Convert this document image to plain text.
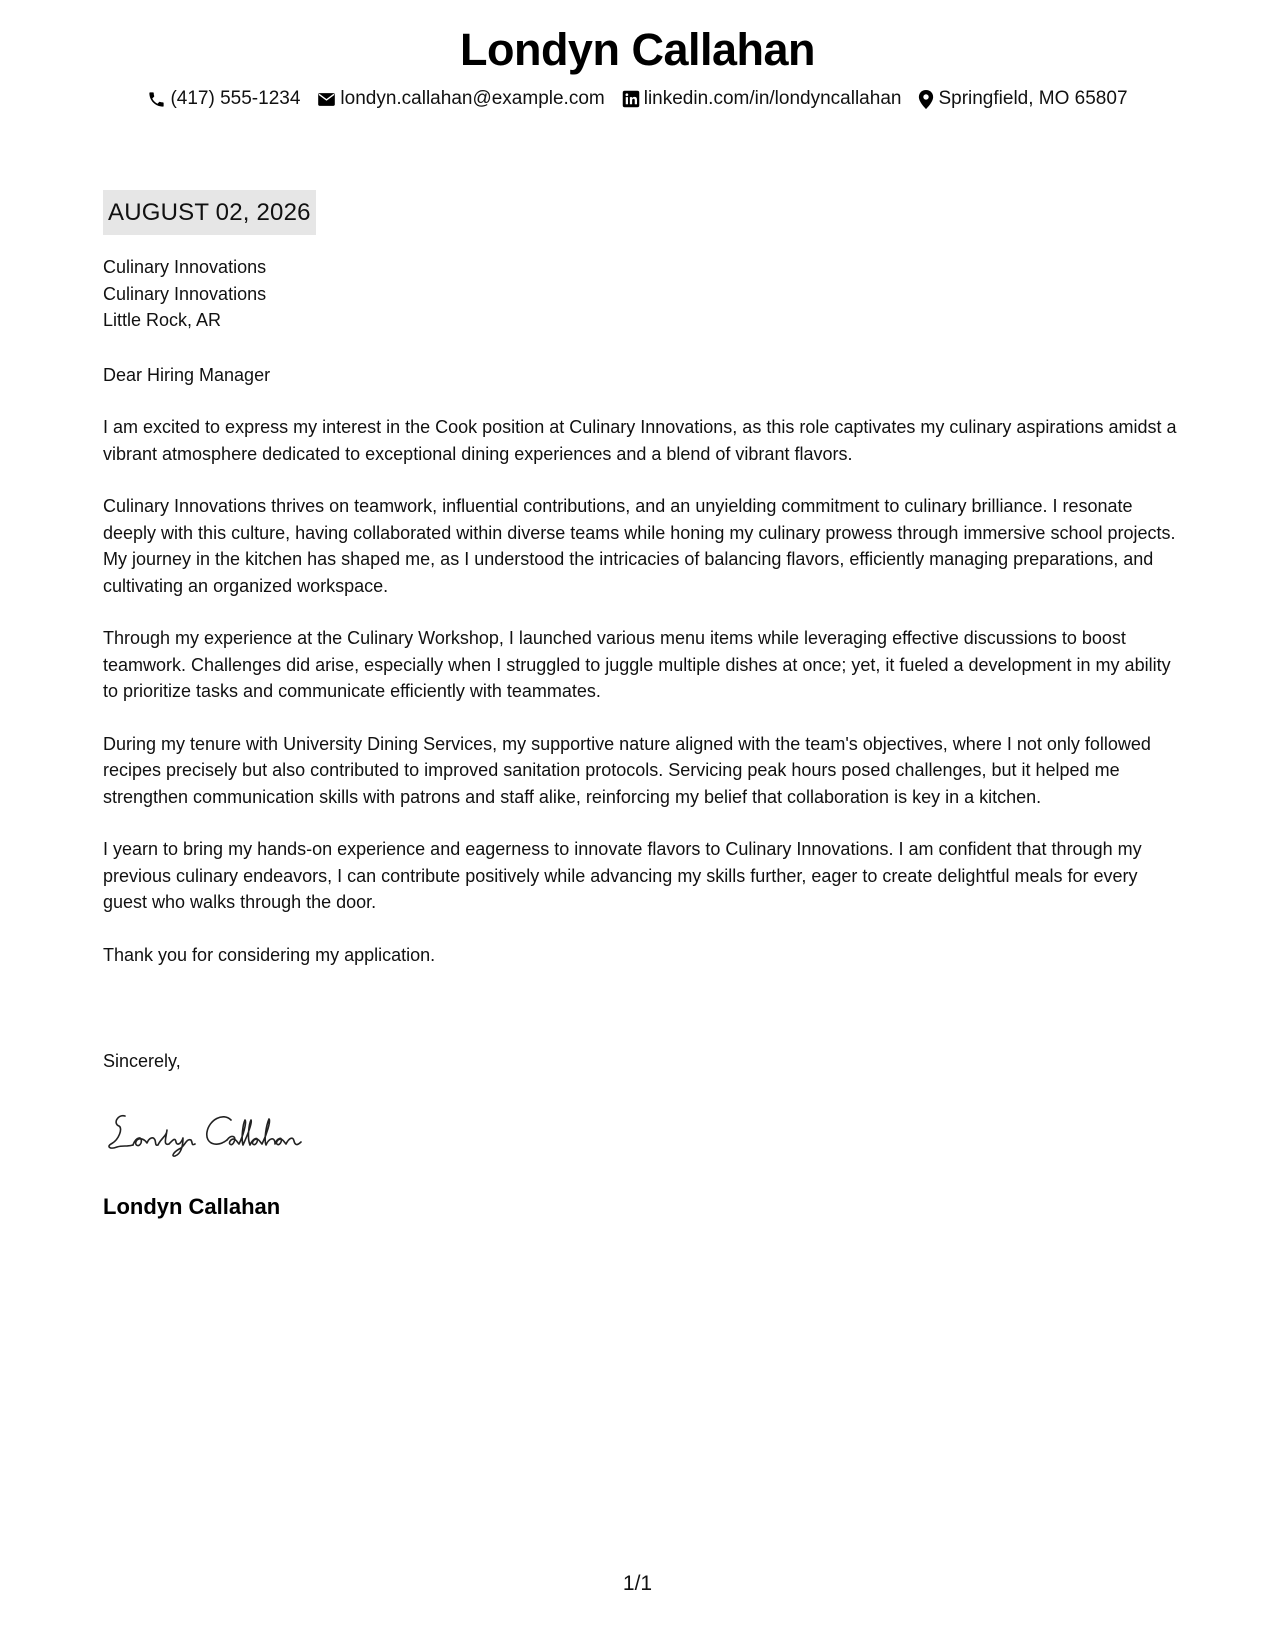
Londyn Callahan
(417) 555-1234 londyn.callahan@example.com linkedin.com/in/londyncallahan Springfield, MO 65807
AUGUST 02, 2026
Culinary Innovations
Culinary Innovations
Little Rock, AR
Dear Hiring Manager

I am excited to express my interest in the Cook position at Culinary Innovations, as this role captivates my culinary aspirations amidst a vibrant atmosphere dedicated to exceptional dining experiences and a blend of vibrant flavors.

Culinary Innovations thrives on teamwork, influential contributions, and an unyielding commitment to culinary brilliance. I resonate deeply with this culture, having collaborated within diverse teams while honing my culinary prowess through immersive school projects. My journey in the kitchen has shaped me, as I understood the intricacies of balancing flavors, efficiently managing preparations, and cultivating an organized workspace.

Through my experience at the Culinary Workshop, I launched various menu items while leveraging effective discussions to boost teamwork. Challenges did arise, especially when I struggled to juggle multiple dishes at once; yet, it fueled a development in my ability to prioritize tasks and communicate efficiently with teammates.

During my tenure with University Dining Services, my supportive nature aligned with the team's objectives, where I not only followed recipes precisely but also contributed to improved sanitation protocols. Servicing peak hours posed challenges, but it helped me strengthen communication skills with patrons and staff alike, reinforcing my belief that collaboration is key in a kitchen.

I yearn to bring my hands-on experience and eagerness to innovate flavors to Culinary Innovations. I am confident that through my previous culinary endeavors, I can contribute positively while advancing my skills further, eager to create delightful meals for every guest who walks through the door.

Thank you for considering my application.

Sincerely,
Londyn Callahan
1/1
